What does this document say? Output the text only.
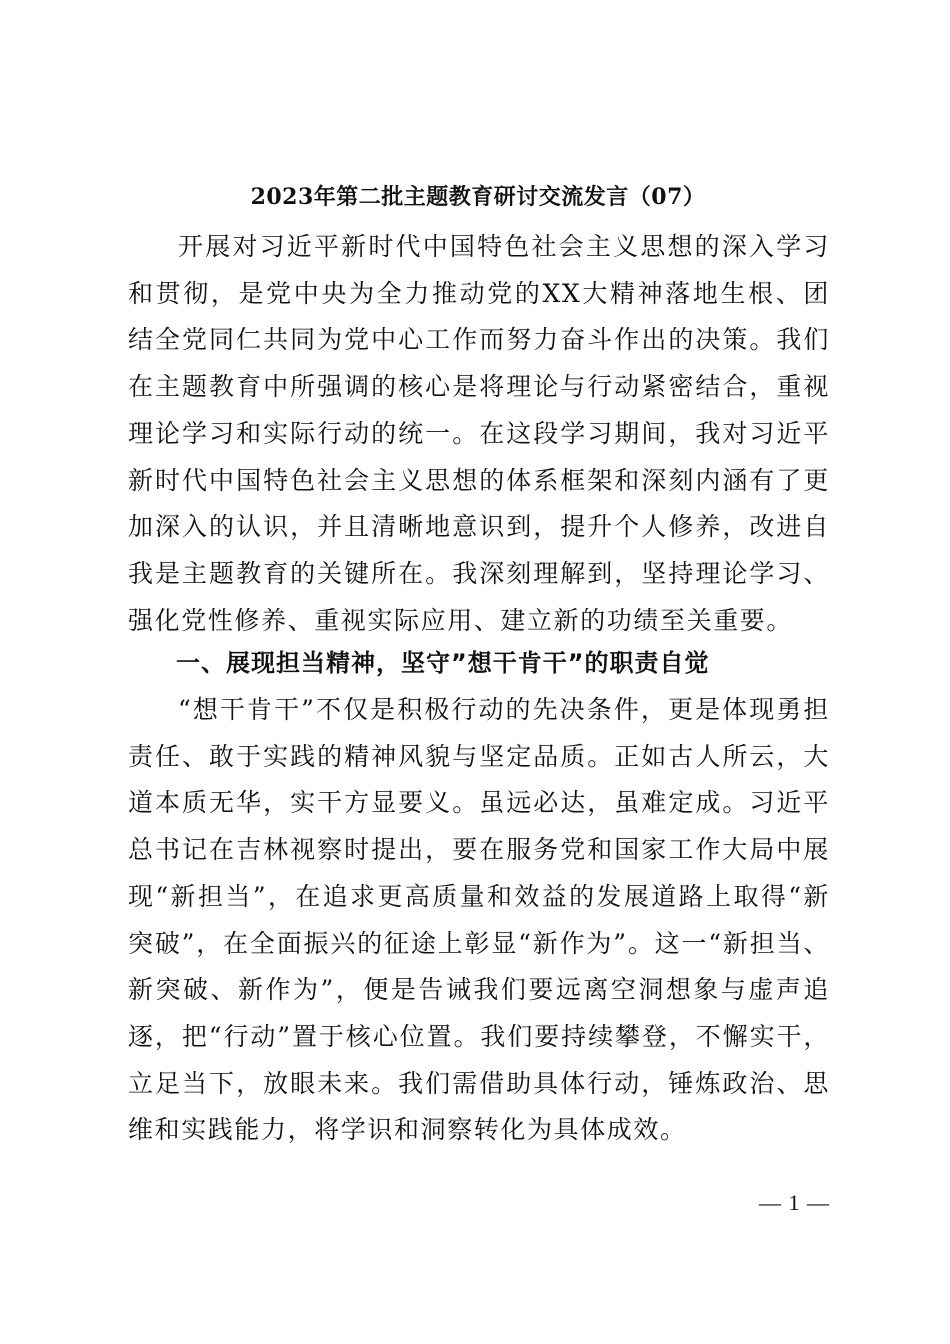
2023年第二批主题教育研讨交流发言（07）

开展对习近平新时代中国特色社会主义思想的深入学习和贯彻，是党中央为全力推动党的XX大精神落地生根、团结全党同仁共同为党中心工作而努力奋斗作出的决策。我们在主题教育中所强调的核心是将理论与行动紧密结合，重视理论学习和实际行动的统一。在这段学习期间，我对习近平新时代中国特色社会主义思想的体系框架和深刻内涵有了更加深入的认识，并且清晰地意识到，提升个人修养，改进自我是主题教育的关键所在。我深刻理解到，坚持理论学习、强化党性修养、重视实际应用、建立新的功绩至关重要。

一、展现担当精神，坚守”想干肯干”的职责自觉

“想干肯干”不仅是积极行动的先决条件，更是体现勇担责任、敢于实践的精神风貌与坚定品质。正如古人所云，大道本质无华，实干方显要义。虽远必达，虽难定成。习近平总书记在吉林视察时提出，要在服务党和国家工作大局中展现“新担当”，在追求更高质量和效益的发展道路上取得“新突破”，在全面振兴的征途上彰显“新作为”。这一“新担当、新突破、新作为”，便是告诫我们要远离空洞想象与虚声追逐，把“行动”置于核心位置。我们要持续攀登，不懈实干，立足当下，放眼未来。我们需借助具体行动，锤炼政治、思维和实践能力，将学识和洞察转化为具体成效。

— 1 —
